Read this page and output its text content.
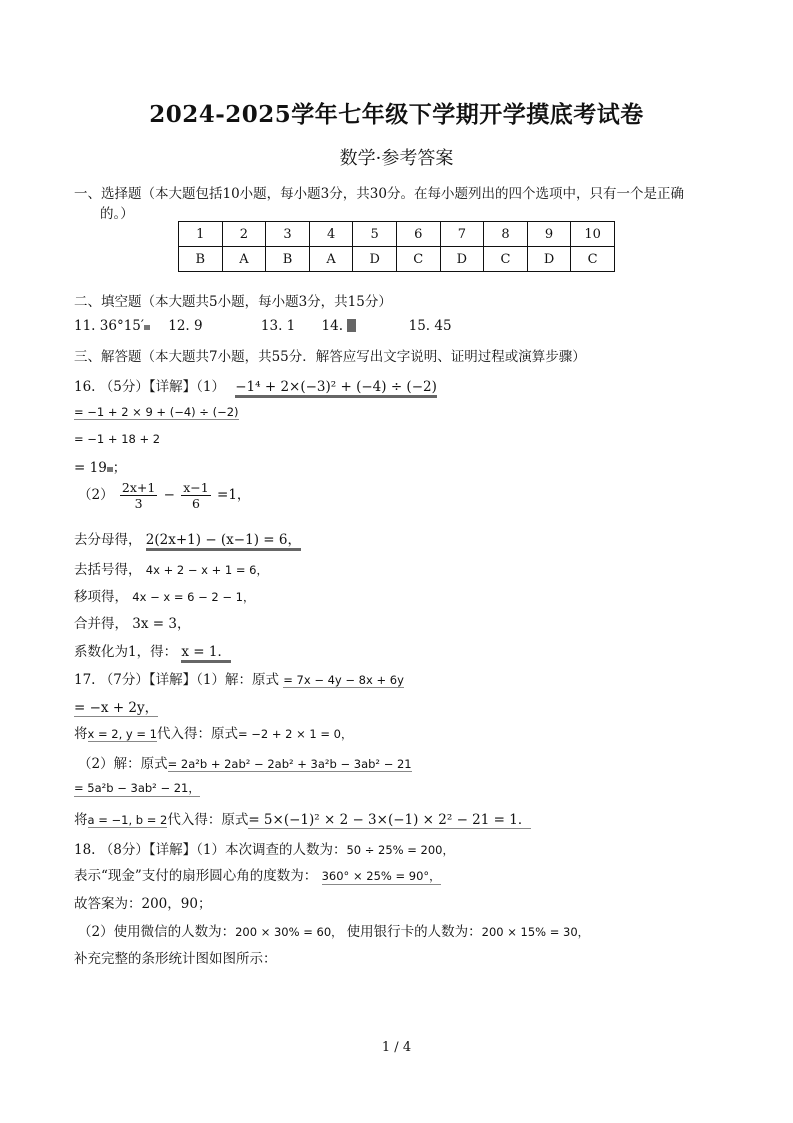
2024-2025学年七年级下学期开学摸底考试卷
数学·参考答案
一、选择题（本大题包括10小题，每小题3分，共30分。在每小题列出的四个选项中，只有一个是正确
的。）
1	2	3	4	5	6	7	8	9	10
B	A	B	A	D	C	D	C	D	C
二、填空题（本大题共5小题，每小题3分，共15分）
11. 36°15′ 12. 9	13. 1 14.	15. 45
三、解答题（本大题共7小题，共55分．解答应写出文字说明、证明过程或演算步骤）
16. （5分）【详解】（1） −1⁴ + 2×(−3)² + (−4) ÷ (−2)
= −1 + 2 × 9 + (−4) ÷ (−2)
= −1 + 18 + 2
= 19 ；
$(2) \frac{2x+1}{3} - \frac{x-1}{6} =1$，
去分母得， 2(2x+1) − (x−1) = 6，
去括号得， 4x + 2 − x + 1 = 6，
移项得， 4x − x = 6 − 2 − 1，
合并得， 3x = 3，
系数化为1，得： x = 1．
17. （7分）【详解】（1）解：原式 = 7x − 4y − 8x + 6y
= −x + 2y，
将x = 2, y = 1代入得：原式= −2 + 2 × 1 = 0，
（2）解：原式= 2a²b + 2ab² − 2ab² + 3a²b − 3ab² − 21
= 5a²b − 3ab² − 21，
将a = −1, b = 2代入得：原式= 5×(−1)² × 2 − 3×(−1) × 2² − 21 = 1．
18. （8分）【详解】（1）本次调查的人数为：50 ÷ 25% = 200，
表示“现金”支付的扇形圆心角的度数为： 360° × 25% = 90°，
故答案为：200，90；
（2）使用微信的人数为：200 × 30% = 60， 使用银行卡的人数为：200 × 15% = 30，
补充完整的条形统计图如图所示：
1 / 4
